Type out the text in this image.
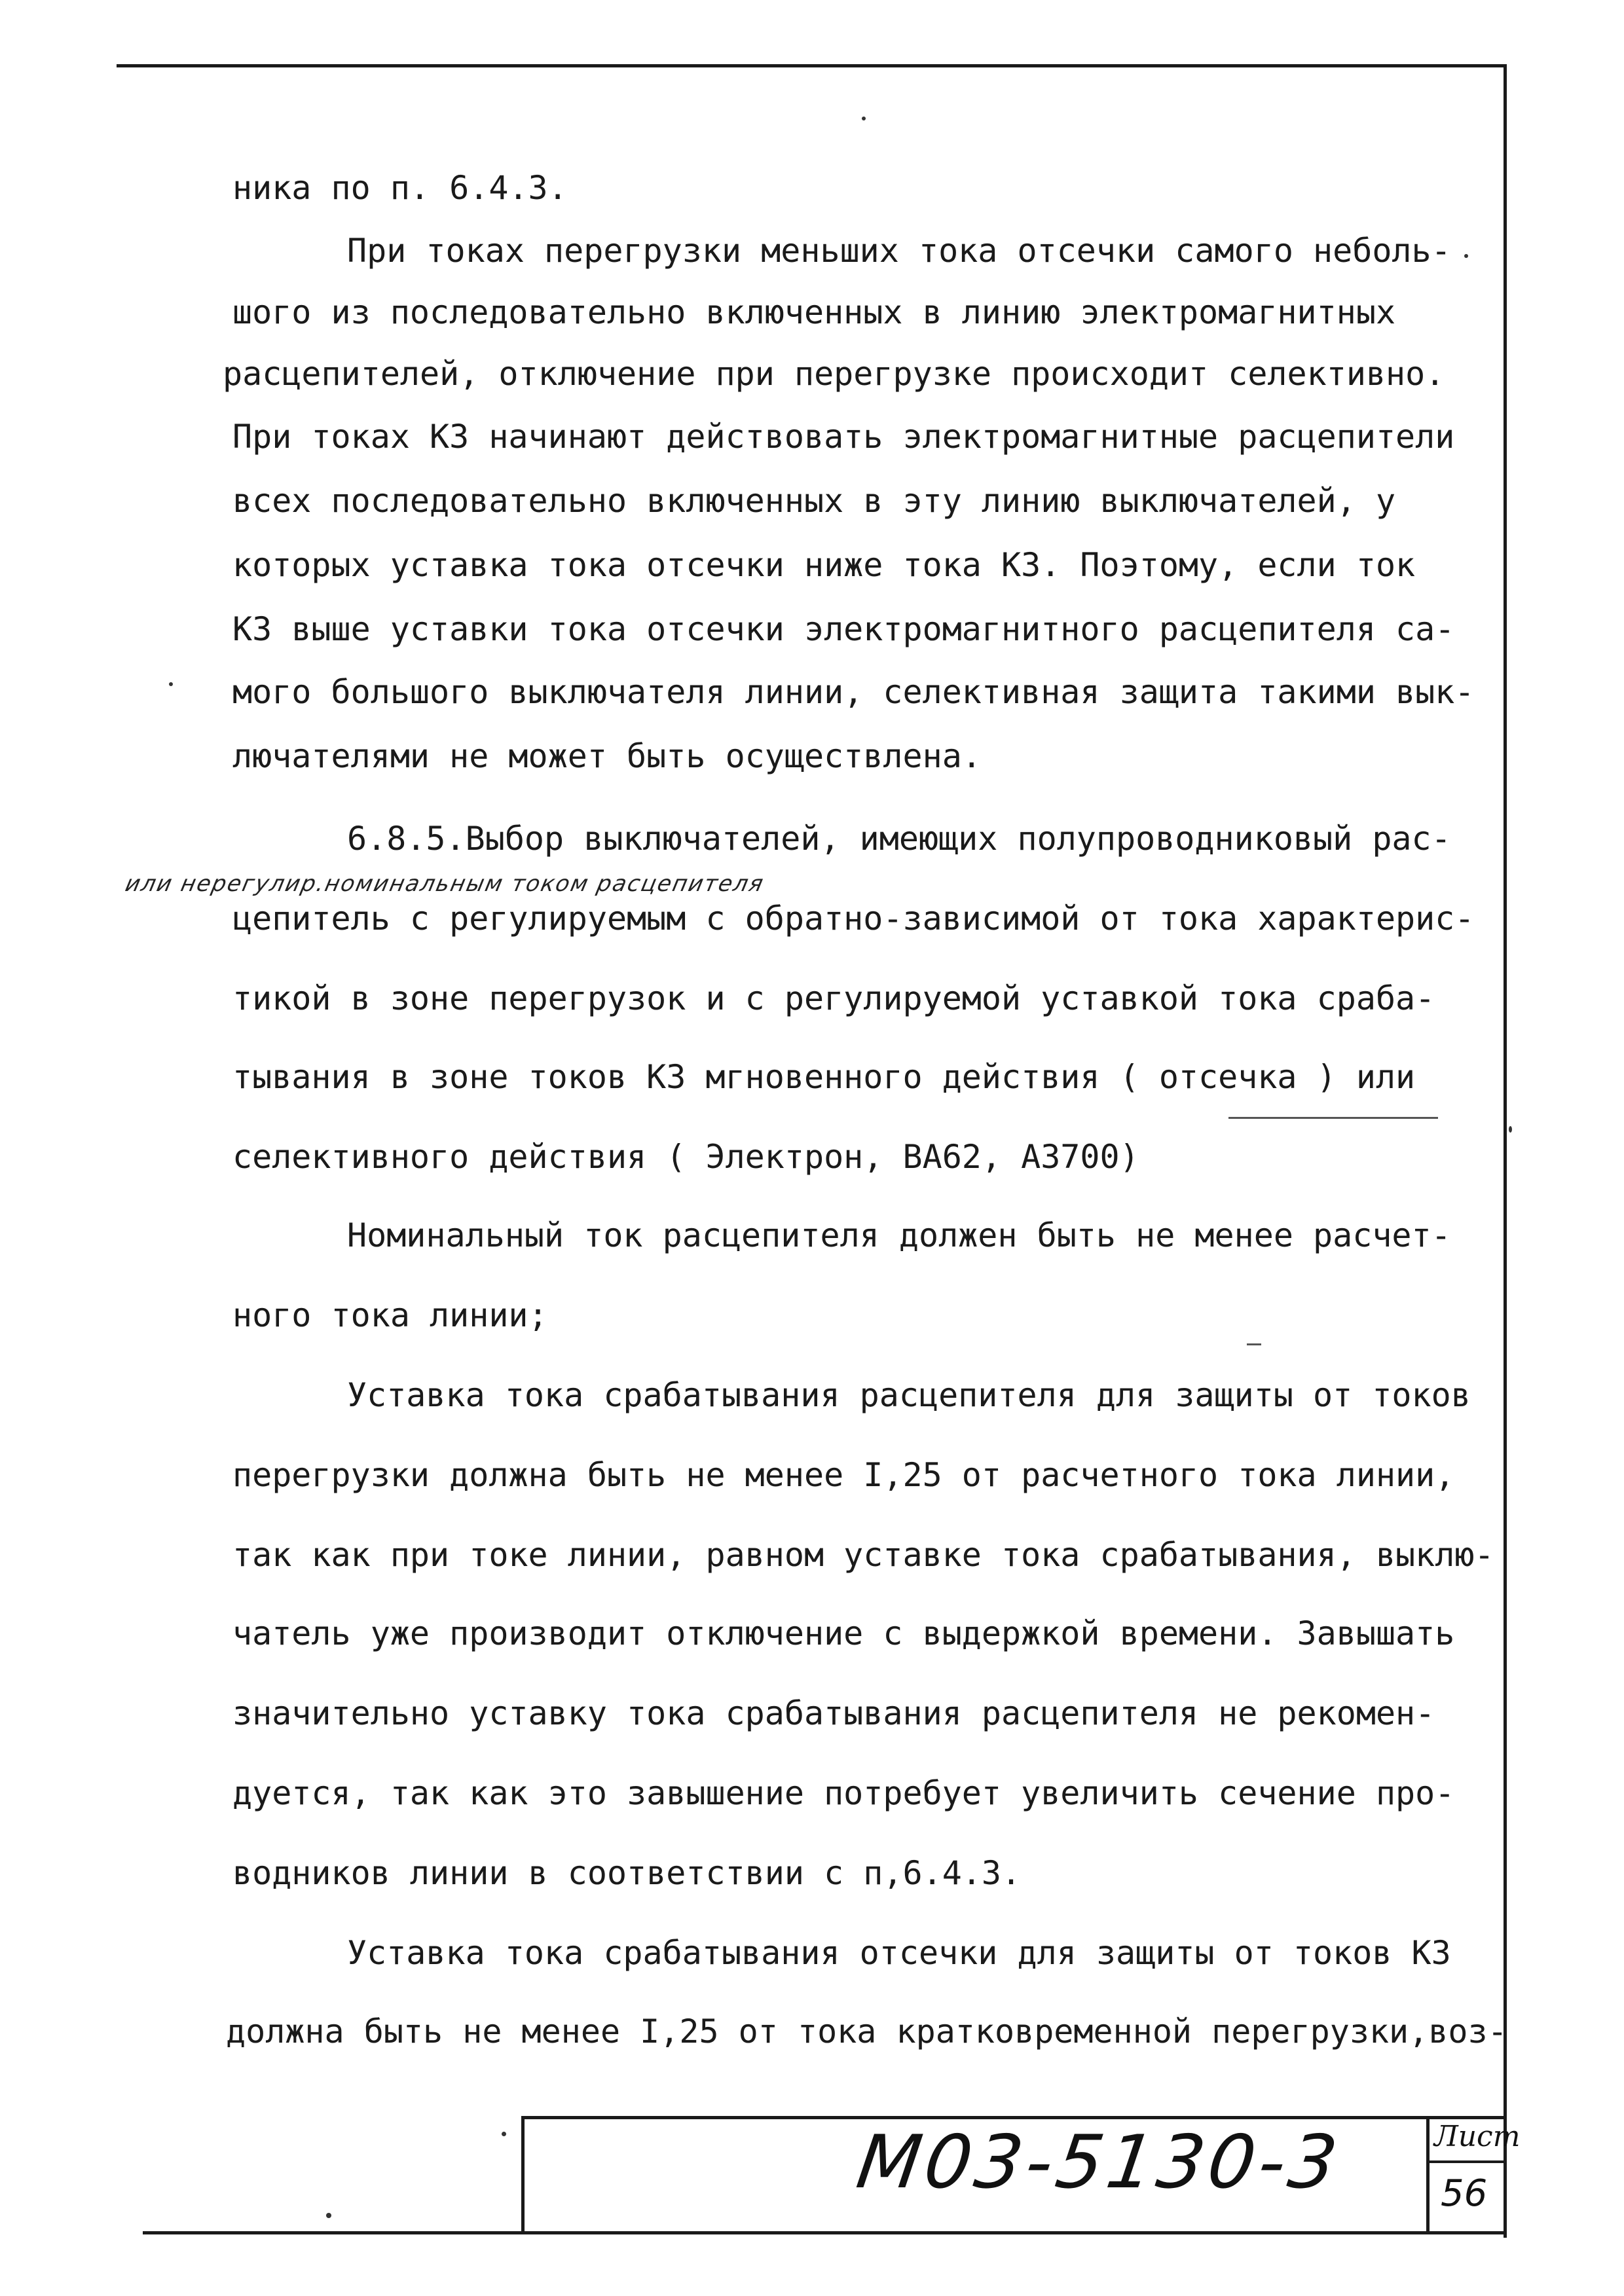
ника по п. 6.4.3.
При токах перегрузки меньших тока отсечки самого неболь-
шого из последовательно включенных в линию электромагнитных
расцепителей, отключение при перегрузке происходит селективно.
При токах КЗ начинают действовать электромагнитные расцепители
всех последовательно включенных в эту линию выключателей, у
которых уставка тока отсечки ниже тока КЗ. Поэтому, если ток
КЗ выше уставки тока отсечки электромагнитного расцепителя са-
мого большого выключателя линии, селективная защита такими вык-
лючателями не может быть осуществлена.
6.8.5.Выбор выключателей, имеющих полупроводниковый рас-
или нерегулир.номинальным током расцепителя
цепитель с регулируемым с обратно-зависимой от тока характерис-
тикой в зоне перегрузок и с регулируемой уставкой тока сраба-
тывания в зоне токов КЗ мгновенного действия ( отсечка ) или
селективного действия ( Электрон, ВА62, А3700)
Номинальный ток расцепителя должен быть не менее расчет-
ного тока линии;
Уставка тока срабатывания расцепителя для защиты от токов
перегрузки должна быть не менее I,25 от расчетного тока линии,
так как при токе линии, равном уставке тока срабатывания, выклю-
чатель уже производит отключение с выдержкой времени. Завышать
значительно уставку тока срабатывания расцепителя не рекомен-
дуется, так как это завышение потребует увеличить сечение про-
водников линии в соответствии с п,6.4.3.
Уставка тока срабатывания отсечки для защиты от токов КЗ
должна быть не менее I,25 от тока кратковременной перегрузки,воз-
М03-5130-3	Лист
56
